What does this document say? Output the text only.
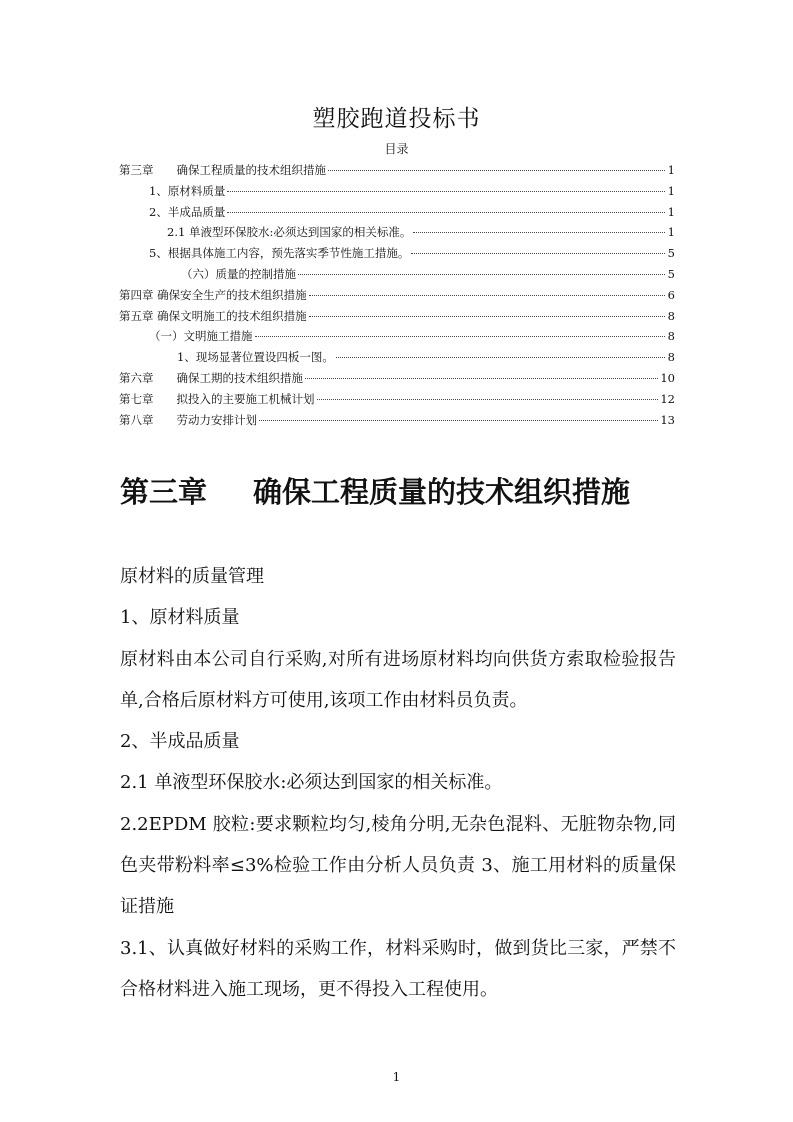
塑胶跑道投标书
目录
第三章　　确保工程质量的技术组织措施	1
1、原材料质量	1
2、半成品质量	1
2.1 单液型环保胶水:必须达到国家的相关标准。	1
5、根据具体施工内容，预先落实季节性施工措施。	5
（六）质量的控制措施	5
第四章 确保安全生产的技术组织措施	6
第五章 确保文明施工的技术组织措施	8
（一）文明施工措施	8
1、现场显著位置设四板一图。	8
第六章　　确保工期的技术组织措施	10
第七章　　拟投入的主要施工机械计划	12
第八章　　劳动力安排计划	13
第三章 确保工程质量的技术组织措施

原材料的质量管理

1、原材料质量

原材料由本公司自行采购,对所有进场原材料均向供货方索取检验报告单,合格后原材料方可使用,该项工作由材料员负责。

2、半成品质量

2.1 单液型环保胶水:必须达到国家的相关标准。

2.2EPDM 胶粒:要求颗粒均匀,棱角分明,无杂色混料、无脏物杂物,同色夹带粉料率≤3%检验工作由分析人员负责 3、施工用材料的质量保证措施

3.1、认真做好材料的采购工作，材料采购时，做到货比三家，严禁不合格材料进入施工现场，更不得投入工程使用。

1
